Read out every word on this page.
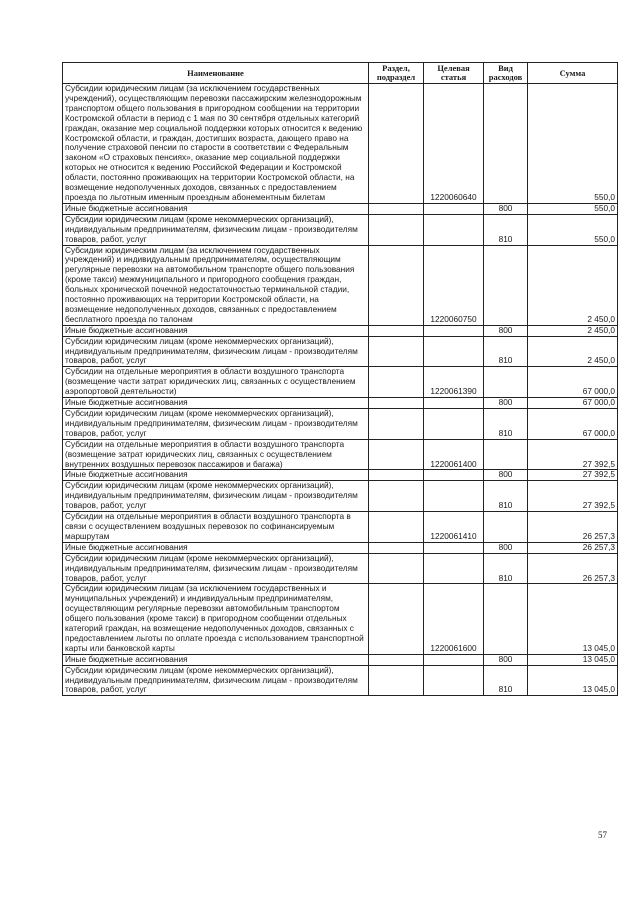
Наименование	Раздел, подраздел	Целевая статья	Вид расходов	Сумма
Субсидии юридическим лицам (за исключением государственных учреждений), осуществляющим перевозки пассажирским железнодорожным транспортом общего пользования в пригородном сообщении на территории Костромской области в период с 1 мая по 30 сентября отдельных категорий граждан, оказание мер социальной поддержки которых относится к ведению Костромской области, и граждан, достигших возраста, дающего право на получение страховой пенсии по старости в соответствии с Федеральным законом «О страховых пенсиях», оказание мер социальной поддержки которых не относится к ведению Российской Федерации и Костромской области, постоянно проживающих на территории Костромской области, на возмещение недополученных доходов, связанных с предоставлением проезда по льготным именным проездным абонементным билетам		1220060640		550,0
Иные бюджетные ассигнования			800	550,0
Субсидии юридическим лицам (кроме некоммерческих организаций), индивидуальным предпринимателям, физическим лицам - производителям товаров, работ, услуг			810	550,0
Субсидии юридическим лицам (за исключением государственных учреждений) и индивидуальным предпринимателям, осуществляющим регулярные перевозки на автомобильном транспорте общего пользования (кроме такси) межмуниципального и пригородного сообщения граждан, больных хронической почечной недостаточностью терминальной стадии, постоянно проживающих на территории Костромской области, на возмещение недополученных доходов, связанных с предоставлением бесплатного проезда по талонам		1220060750		2 450,0
Иные бюджетные ассигнования			800	2 450,0
Субсидии юридическим лицам (кроме некоммерческих организаций), индивидуальным предпринимателям, физическим лицам - производителям товаров, работ, услуг			810	2 450,0
Субсидии на отдельные мероприятия в области воздушного транспорта (возмещение части затрат юридических лиц, связанных с осуществлением аэропортовой деятельности)		1220061390		67 000,0
Иные бюджетные ассигнования			800	67 000,0
Субсидии юридическим лицам (кроме некоммерческих организаций), индивидуальным предпринимателям, физическим лицам - производителям товаров, работ, услуг			810	67 000,0
Субсидии на отдельные мероприятия в области воздушного транспорта (возмещение затрат юридических лиц, связанных с осуществлением внутренних воздушных перевозок пассажиров и багажа)		1220061400		27 392,5
Иные бюджетные ассигнования			800	27 392,5
Субсидии юридическим лицам (кроме некоммерческих организаций), индивидуальным предпринимателям, физическим лицам - производителям товаров, работ, услуг			810	27 392,5
Субсидии на отдельные мероприятия в области воздушного транспорта в связи с осуществлением воздушных перевозок по софинансируемым маршрутам		1220061410		26 257,3
Иные бюджетные ассигнования			800	26 257,3
Субсидии юридическим лицам (кроме некоммерческих организаций), индивидуальным предпринимателям, физическим лицам - производителям товаров, работ, услуг			810	26 257,3
Субсидии юридическим лицам (за исключением государственных и муниципальных учреждений) и индивидуальным предпринимателям, осуществляющим регулярные перевозки автомобильным транспортом общего пользования (кроме такси) в пригородном сообщении отдельных категорий граждан, на возмещение недополученных доходов, связанных с предоставлением льготы по оплате проезда с использованием транспортной карты или банковской карты		1220061600		13 045,0
Иные бюджетные ассигнования			800	13 045,0
Субсидии юридическим лицам (кроме некоммерческих организаций), индивидуальным предпринимателям, физическим лицам - производителям товаров, работ, услуг			810	13 045,0
57
